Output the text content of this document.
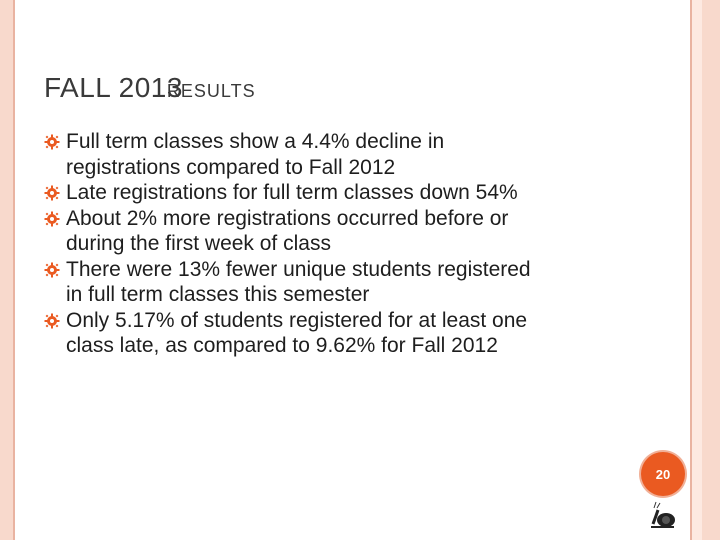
FALL 2013RESULTS
Full term classes show a 4.4% decline in
registrations compared to Fall 2012
Late registrations for full term classes down 54%
About 2% more registrations occurred before or
during the first week of class
There were 13% fewer unique students registered
in full term classes this semester
Only 5.17% of students registered for at least one
class late, as compared to 9.62% for Fall 2012
20
